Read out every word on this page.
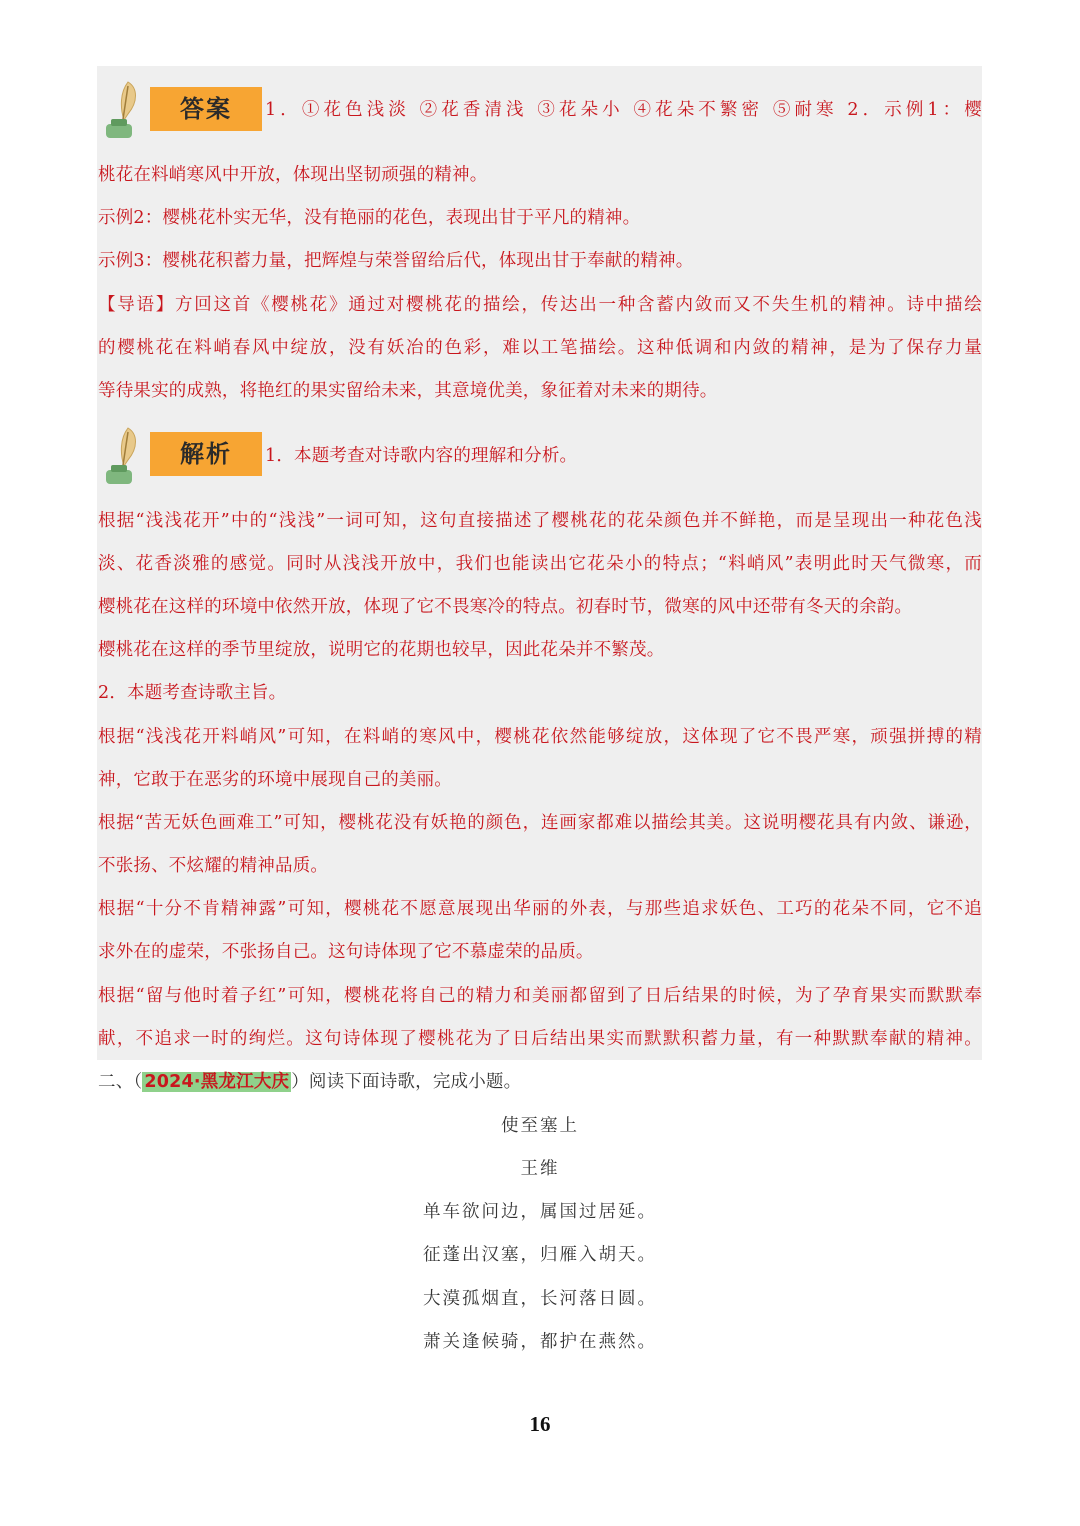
答案	1．①花色浅淡 ②花香清浅 ③花朵小 ④花朵不繁密 ⑤耐寒 2．示例1：樱
桃花在料峭寒风中开放，体现出坚韧顽强的精神。
示例2：樱桃花朴实无华，没有艳丽的花色，表现出甘于平凡的精神。
示例3：樱桃花积蓄力量，把辉煌与荣誉留给后代，体现出甘于奉献的精神。
【导语】方回这首《樱桃花》通过对樱桃花的描绘，传达出一种含蓄内敛而又不失生机的精神。诗中描绘
的樱桃花在料峭春风中绽放，没有妖冶的色彩，难以工笔描绘。这种低调和内敛的精神，是为了保存力量
等待果实的成熟，将艳红的果实留给未来，其意境优美，象征着对未来的期待。
解析	1．本题考查对诗歌内容的理解和分析。
根据“浅浅花开”中的“浅浅”一词可知，这句直接描述了樱桃花的花朵颜色并不鲜艳，而是呈现出一种花色浅
淡、花香淡雅的感觉。同时从浅浅开放中，我们也能读出它花朵小的特点；“料峭风”表明此时天气微寒，而
樱桃花在这样的环境中依然开放，体现了它不畏寒冷的特点。初春时节，微寒的风中还带有冬天的余韵。
樱桃花在这样的季节里绽放，说明它的花期也较早，因此花朵并不繁茂。
2．本题考查诗歌主旨。
根据“浅浅花开料峭风”可知，在料峭的寒风中，樱桃花依然能够绽放，这体现了它不畏严寒，顽强拼搏的精
神，它敢于在恶劣的环境中展现自己的美丽。
根据“苦无妖色画难工”可知，樱桃花没有妖艳的颜色，连画家都难以描绘其美。这说明樱花具有内敛、谦逊，
不张扬、不炫耀的精神品质。
根据“十分不肯精神露”可知，樱桃花不愿意展现出华丽的外表，与那些追求妖色、工巧的花朵不同，它不追
求外在的虚荣，不张扬自己。这句诗体现了它不慕虚荣的品质。
根据“留与他时着子红”可知，樱桃花将自己的精力和美丽都留到了日后结果的时候，为了孕育果实而默默奉
献，不追求一时的绚烂。这句诗体现了樱桃花为了日后结出果实而默默积蓄力量，有一种默默奉献的精神。
二、（ 2024·黑龙江大庆 ）阅读下面诗歌，完成小题。
使至塞上
王维
单车欲问边，属国过居延。
征蓬出汉塞，归雁入胡天。
大漠孤烟直，长河落日圆。
萧关逢候骑，都护在燕然。
16
